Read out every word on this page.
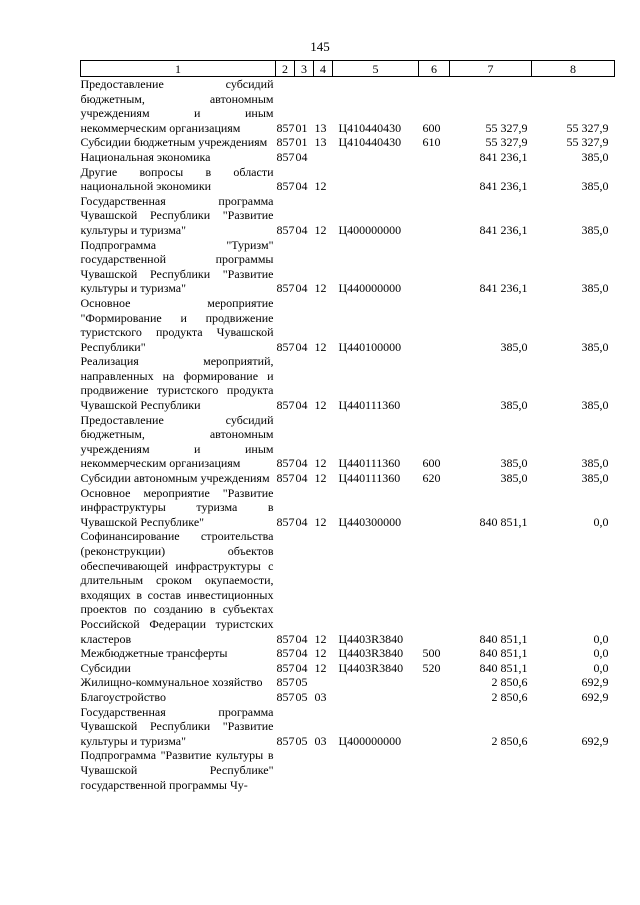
145
1	2	3	4	5	6	7	8
Предоставление субсидий бюджетным, автономным учреждениям и иным некоммерческим организациям	857	01	13	Ц410440430	600	55 327,9	55 327,9
Субсидии бюджетным учреждениям	857	01	13	Ц410440430	610	55 327,9	55 327,9
Национальная экономика	857	04				841 236,1	385,0
Другие вопросы в области национальной экономики	857	04	12			841 236,1	385,0
Государственная программа Чувашской Республики "Развитие культуры и туризма"	857	04	12	Ц400000000		841 236,1	385,0
Подпрограмма "Туризм" государственной программы Чувашской Республики "Развитие культуры и туризма"	857	04	12	Ц440000000		841 236,1	385,0
Основное мероприятие "Формирование и продвижение туристского продукта Чувашской Республики"	857	04	12	Ц440100000		385,0	385,0
Реализация мероприятий, направленных на формирование и продвижение туристского продукта Чувашской Республики	857	04	12	Ц440111360		385,0	385,0
Предоставление субсидий бюджетным, автономным учреждениям и иным некоммерческим организациям	857	04	12	Ц440111360	600	385,0	385,0
Субсидии автономным учреждениям	857	04	12	Ц440111360	620	385,0	385,0
Основное мероприятие "Развитие инфраструктуры туризма в Чувашской Республике"	857	04	12	Ц440300000		840 851,1	0,0
Софинансирование строительства (реконструкции) объектов обеспечивающей инфраструктуры с длительным сроком окупаемости, входящих в состав инвестиционных проектов по созданию в субъектах Российской Федерации туристских кластеров	857	04	12	Ц4403R3840		840 851,1	0,0
Межбюджетные трансферты	857	04	12	Ц4403R3840	500	840 851,1	0,0
Субсидии	857	04	12	Ц4403R3840	520	840 851,1	0,0
Жилищно-коммунальное хозяйство	857	05				2 850,6	692,9
Благоустройство	857	05	03			2 850,6	692,9
Государственная программа Чувашской Республики "Развитие культуры и туризма"	857	05	03	Ц400000000		2 850,6	692,9
Подпрограмма "Развитие культуры в Чувашской Республике" государственной программы Чу-							
